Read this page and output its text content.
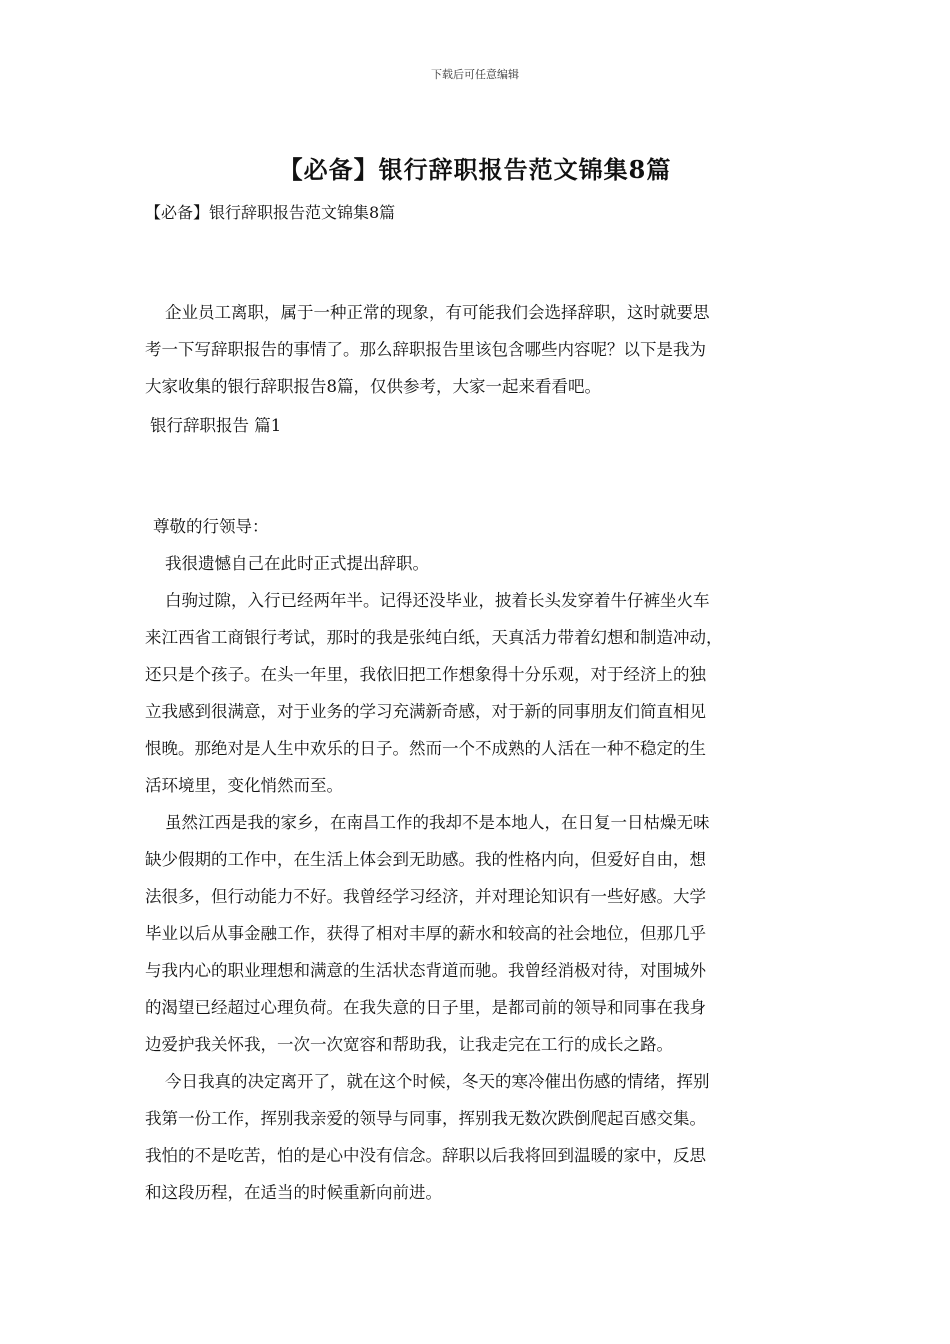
下载后可任意编辑
【必备】银行辞职报告范文锦集8篇
【必备】银行辞职报告范文锦集8篇
企业员工离职，属于一种正常的现象，有可能我们会选择辞职，这时就要思
考一下写辞职报告的事情了。那么辞职报告里该包含哪些内容呢？以下是我为
大家收集的银行辞职报告8篇，仅供参考，大家一起来看看吧。
银行辞职报告 篇1
尊敬的行领导：
我很遗憾自己在此时正式提出辞职。
白驹过隙，入行已经两年半。记得还没毕业，披着长头发穿着牛仔裤坐火车
来江西省工商银行考试，那时的我是张纯白纸，天真活力带着幻想和制造冲动，
还只是个孩子。在头一年里，我依旧把工作想象得十分乐观，对于经济上的独
立我感到很满意，对于业务的学习充满新奇感，对于新的同事朋友们简直相见
恨晚。那绝对是人生中欢乐的日子。然而一个不成熟的人活在一种不稳定的生
活环境里，变化悄然而至。
虽然江西是我的家乡，在南昌工作的我却不是本地人，在日复一日枯燥无味
缺少假期的工作中，在生活上体会到无助感。我的性格内向，但爱好自由，想
法很多，但行动能力不好。我曾经学习经济，并对理论知识有一些好感。大学
毕业以后从事金融工作，获得了相对丰厚的薪水和较高的社会地位，但那几乎
与我内心的职业理想和满意的生活状态背道而驰。我曾经消极对待，对围城外
的渴望已经超过心理负荷。在我失意的日子里，是都司前的领导和同事在我身
边爱护我关怀我，一次一次宽容和帮助我，让我走完在工行的成长之路。
今日我真的决定离开了，就在这个时候，冬天的寒冷催出伤感的情绪，挥别
我第一份工作，挥别我亲爱的领导与同事，挥别我无数次跌倒爬起百感交集。
我怕的不是吃苦，怕的是心中没有信念。辞职以后我将回到温暖的家中，反思
和这段历程，在适当的时候重新向前进。
